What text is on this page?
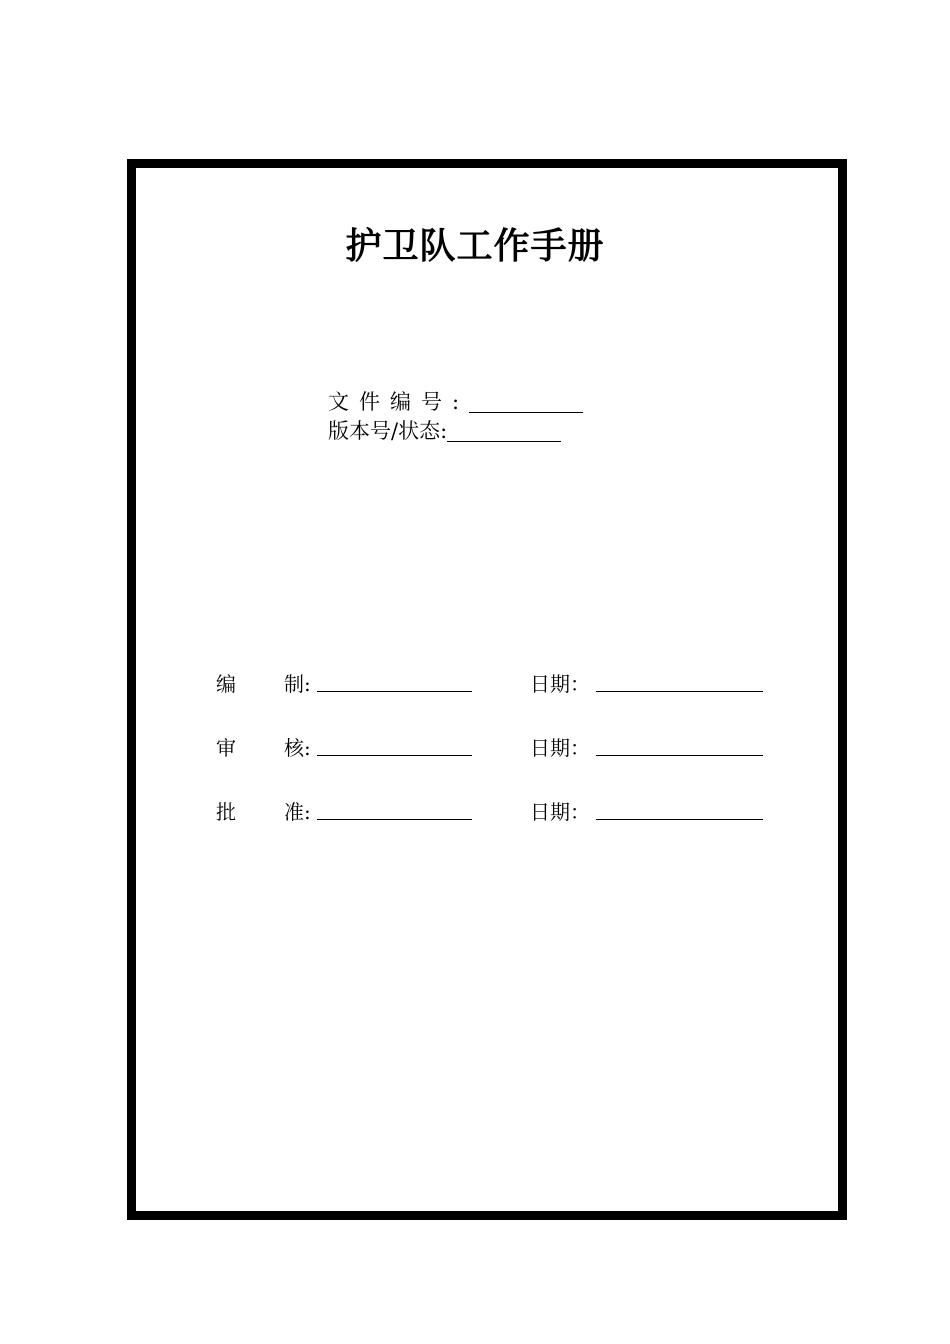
护卫队工作手册
文件编号:
版本号/状态:
编 制:	日期：
审 核:	日期：
批 准:	日期：
